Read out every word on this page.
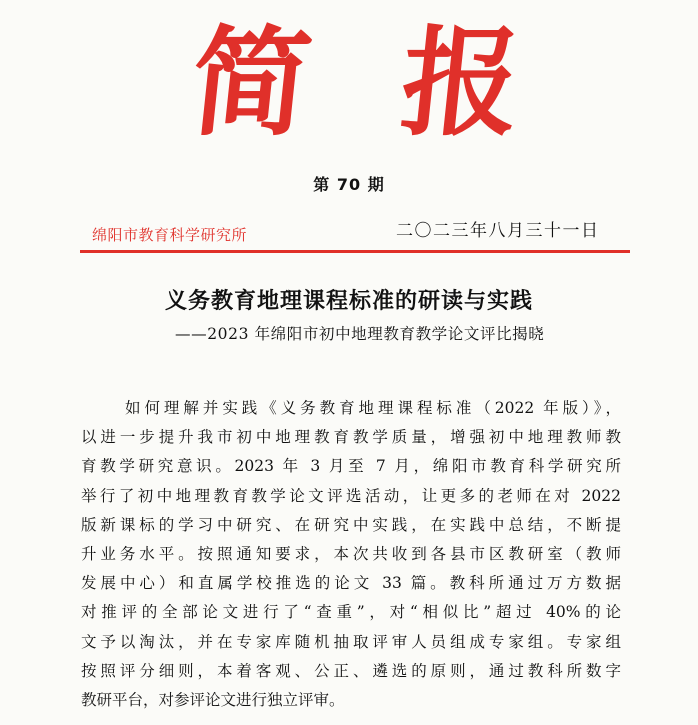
简 报
第 70 期
绵阳市教育科学研究所	二〇二三年八月三十一日
义务教育地理课程标准的研读与实践
——2023 年绵阳市初中地理教育教学论文评比揭晓
如何理解并实践《义务教育地理课程标准（2022 年版）》，
以进一步提升我市初中地理教育教学质量，增强初中地理教师教
育教学研究意识。2023 年 3 月至 7 月，绵阳市教育科学研究所
举行了初中地理教育教学论文评选活动，让更多的老师在对 2022
版新课标的学习中研究、在研究中实践，在实践中总结，不断提
升业务水平。按照通知要求，本次共收到各县市区教研室（教师
发展中心）和直属学校推选的论文 33 篇。教科所通过万方数据
对推评的全部论文进行了“查重”，对“相似比”超过 40%的论
文予以淘汰，并在专家库随机抽取评审人员组成专家组。专家组
按照评分细则，本着客观、公正、遴选的原则，通过教科所数字
教研平台，对参评论文进行独立评审。
